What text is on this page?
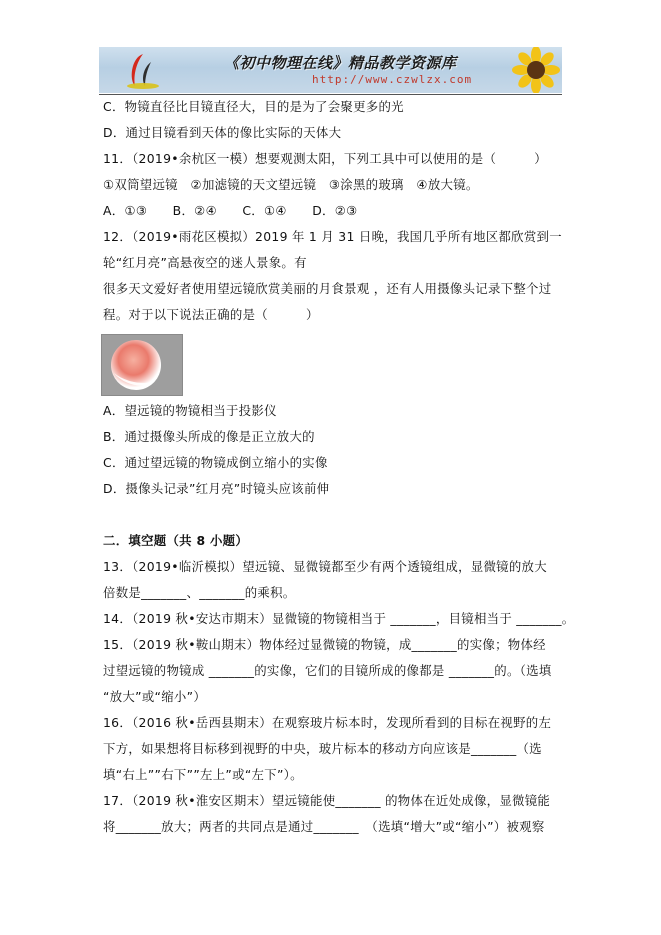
《初中物理在线》精品教学资源库
http://www.czwlzx.com
C．物镜直径比目镜直径大，目的是为了会聚更多的光
D．通过目镜看到天体的像比实际的天体大
11．（2019•余杭区一模）想要观测太阳，下列工具中可以使用的是（　　　）
①双筒望远镜　②加滤镜的天文望远镜　③涂黑的玻璃　④放大镜。
A．①③　　B．②④　　C．①④　　D．②③
12．（2019•雨花区模拟）2019 年 1 月 31 日晚，我国几乎所有地区都欣赏到一
轮“红月亮”高悬夜空的迷人景象。有
很多天文爱好者使用望远镜欣赏美丽的月食景观 ，还有人用摄像头记录下整个过
程。对于以下说法正确的是（　　　）
A．望远镜的物镜相当于投影仪
B．通过摄像头所成的像是正立放大的
C．通过望远镜的物镜成倒立缩小的实像
D．摄像头记录”红月亮”时镜头应该前伸
二．填空题（共 8 小题）
13．（2019•临沂模拟）望远镜、显微镜都至少有两个透镜组成，显微镜的放大
倍数是_______、_______的乘积。
14．（2019 秋•安达市期末）显微镜的物镜相当于 _______，目镜相当于 _______。
15．（2019 秋•鞍山期末）物体经过显微镜的物镜，成_______的实像；物体经
过望远镜的物镜成 _______的实像，它们的目镜所成的像都是 _______的。（选填
“放大”或“缩小”）
16．（2016 秋•岳西县期末）在观察玻片标本时，发现所看到的目标在视野的左
下方，如果想将目标移到视野的中央，玻片标本的移动方向应该是_______（选
填“右上””右下””左上”或“左下”）。
17．（2019 秋•淮安区期末）望远镜能使_______ 的物体在近处成像，显微镜能
将_______放大；两者的共同点是通过_______　（选填“增大”或“缩小”）被观察
